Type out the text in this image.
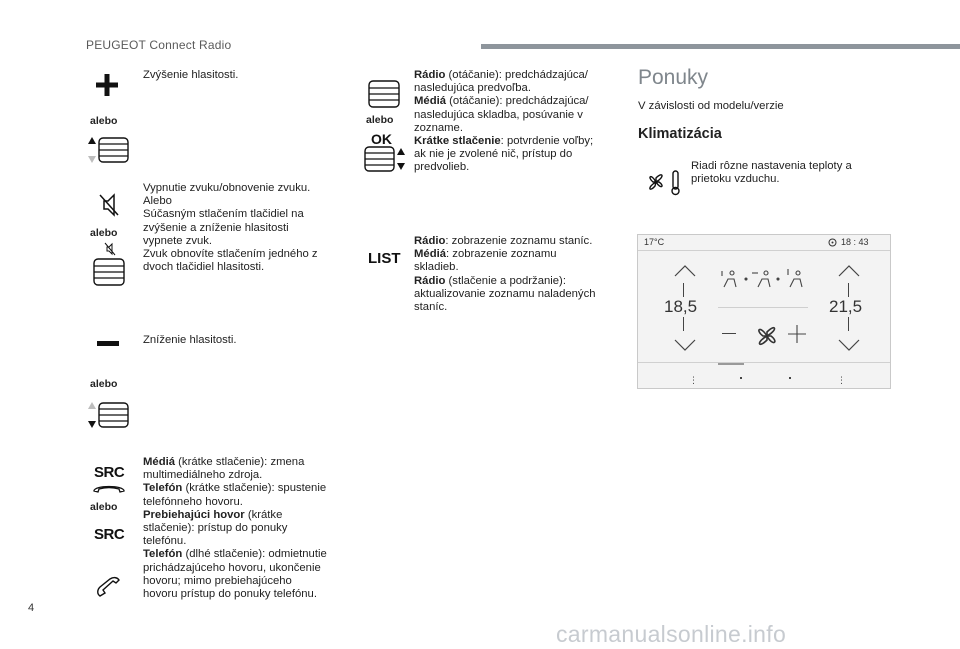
PEUGEOT Connect Radio
Zvýšenie hlasitosti.
alebo

Vypnutie zvuku/obnovenie zvuku.

Alebo

Súčasným stlačením tlačidiel na

zvýšenie a zníženie hlasitosti

vypnete zvuk.

Zvuk obnovíte stlačením jedného z

dvoch tlačidiel hlasitosti.

alebo
Zníženie hlasitosti.
alebo
SRC
alebo
SRC

Médiá (krátke stlačenie): zmena

multimediálneho zdroja.

Telefón (krátke stlačenie): spustenie

telefónneho hovoru.

Prebiehajúci hovor (krátke

stlačenie): prístup do ponuky

telefónu.

Telefón (dlhé stlačenie): odmietnutie

prichádzajúceho hovoru, ukončenie

hovoru; mimo prebiehajúceho

hovoru prístup do ponuky telefónu.

alebo
OK

Rádio (otáčanie): predchádzajúca/

nasledujúca predvoľba.

Médiá (otáčanie): predchádzajúca/

nasledujúca skladba, posúvanie v

zozname.

Krátke stlačenie: potvrdenie voľby;

ak nie je zvolené nič, prístup do

predvolieb.

LIST

Rádio: zobrazenie zoznamu staníc.

Médiá: zobrazenie zoznamu

skladieb.

Rádio (stlačenie a podržanie):

aktualizovanie zoznamu naladených

staníc.

Ponuky
V závislosti od modelu/verzie
Klimatizácia

Riadi rôzne nastavenia teploty a

prietoku vzduchu.

17°C	18 : 43
18,5	21,5
⋮	⋮
4
carmanualsonline.info
